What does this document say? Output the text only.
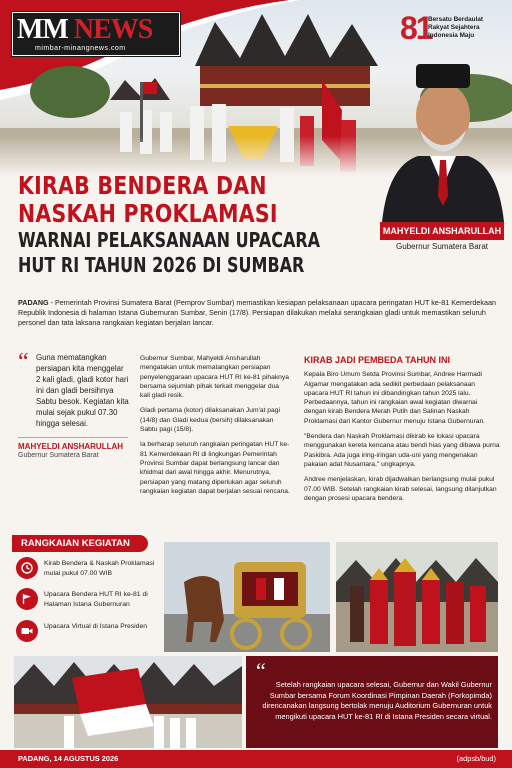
MM NEWS
mimbar-minangnews.com
81
Bersatu Berdaulat
Rakyat Sejahtera
Indonesia Maju
KIRAB BENDERA DAN
NASKAH PROKLAMASI
WARNAI PELAKSANAAN UPACARA
HUT RI TAHUN 2026 DI SUMBAR
MAHYELDI ANSHARULLAH
Gubernur Sumatera Barat
PADANG - Pemerintah Provinsi Sumatera Barat (Pemprov Sumbar) memastikan kesiapan pelaksanaan upacara peringatan HUT ke-81 Kemerdekaan Republik Indonesia di halaman Istana Gubernuran Sumbar, Senin (17/8). Persiapan dilakukan melalui serangkaian gladi untuk memastikan seluruh personel dan tata laksana rangkaian kegiatan berjalan lancar.
“ Guna mematangkan persiapan kita menggelar 2 kali gladi, gladi kotor hari ini dan gladi bersihnya Sabtu besok. Kegiatan kita mulai sejak pukul 07.30 hingga selesai.
MAHYELDI ANSHARULLAH
Gubernur Sumatera Barat

Gubernur Sumbar, Mahyeldi Ansharullah mengatakan untuk mematangkan persiapan penyelenggaraan upacara HUT RI ke-81 pihaknya bersama sejumlah pihak terkait menggelar dua kali gladi resik.

Gladi pertama (kotor) dilaksanakan Jum'at pagi (14/8) dan Gladi kedua (bersih) dilaksanakan Sabtu pagi (15/8).

Ia berharap seluruh rangkaian peringatan HUT ke-81 Kemerdekaan RI di lingkungan Pemerintah Provinsi Sumbar dapat berlangsung lancar dan khidmat dari awal hingga akhir. Menurutnya, persiapan yang matang diperlukan agar seluruh rangkaian kegiatan dapat berjalan sesuai rencana.

KIRAB JADI PEMBEDA TAHUN INI

Kepala Biro Umum Setda Provinsi Sumbar, Andree Harmadi Algamar mengatakan ada sedikit perbedaan pelaksanaan upacara HUT RI tahun ini dibandingkan tahun 2025 lalu. Perbedaannya, tahun ini rangkaian awal kegiatan diwarnai dengan kirab Bendera Merah Putih dan Salinan Naskah Proklamasi dari Kantor Gubernur menuju Istana Gubernuran.

"Bendera dan Naskah Proklamasi dikirab ke lokasi upacara menggunakan kereta kencana atau bendi hias yang dibawa purna Paskibra. Ada juga iring-iringan uda-uni yang mengenakan pakaian adat Nusantara," ungkapnya.

Andree menjelaskan, kirab dijadwalkan berlangsung mulai pukul 07.00 WIB. Setelah rangkaian kirab selesai, langsung dilanjutkan dengan prosesi upacara bendera.

RANGKAIAN KEGIATAN
Kirab Bendera & Naskah Proklamasi mulai pukul 07.00 WIB
Upacara Bendera HUT RI ke-81 di Halaman Istana Gubernuran
Upacara Virtual di Istana Presiden
“
Setelah rangkaian upacara selesai, Gubernur dan Wakil Gubernur Sumbar bersama Forum Koordinasi Pimpinan Daerah (Forkopimda) direncanakan langsung bertolak menuju Auditorium Gubernuran untuk mengikuti upacara HUT ke-81 RI di Istana Presiden secara virtual.
PADANG, 14 AGUSTUS 2026	(adpsb/bud)
